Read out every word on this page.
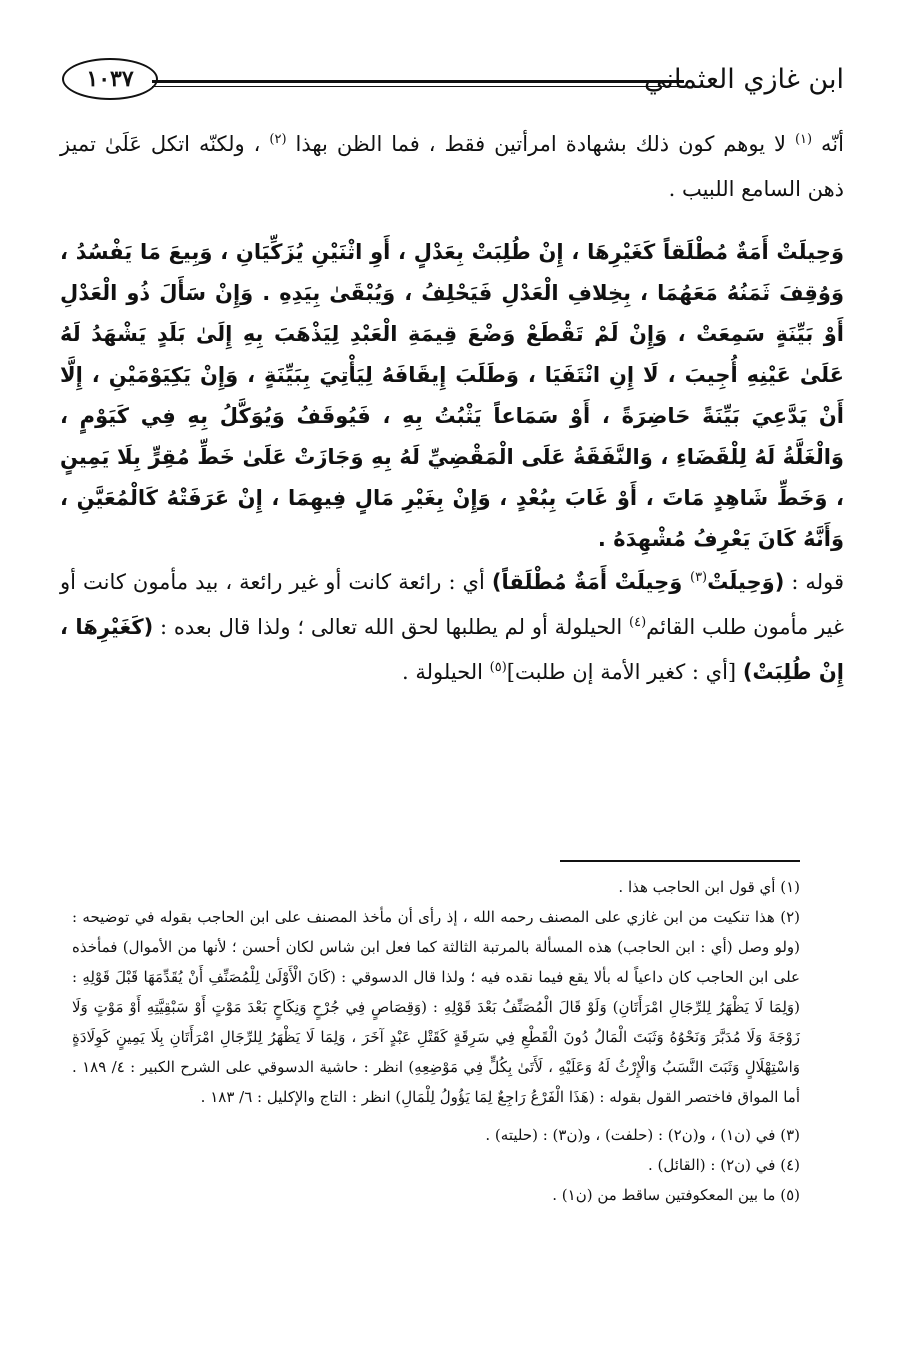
ابن غازي العثماني
١٠٣٧

أنّه $^{(١)}$ لا يوهم كون ذلك بشهادة امرأتين فقط ، فما الظن بهذا $^{(٢)}$ ، ولكنّه اتكل عَلَىٰ تميز ذهن السامع اللبيب .

وَحِيلَتْ أَمَةٌ مُطْلَقاً كَغَيْرِهَا ، إِنْ طُلِبَتْ بِعَدْلٍ ، أَوِ اثْنَيْنِ يُزَكِّيَانِ ، وَبِيعَ مَا يَفْسُدُ ، وَوُقِفَ ثَمَنُهُ مَعَهُمَا ، بِخِلافِ الْعَدْلِ فَيَحْلِفُ ، وَيُبْقَىٰ بِيَدِهِ . وَإِنْ سَأَلَ ذُو الْعَدْلِ أَوْ بَيِّنَةٍ سَمِعَتْ ، وَإِنْ لَمْ تَقْطَعْ وَضْعَ قِيمَةِ الْعَبْدِ لِيَذْهَبَ بِهِ إِلَىٰ بَلَدٍ يَشْهَدُ لَهُ عَلَىٰ عَيْنِهِ أُجِيبَ ، لَا إِنِ انْتَفَيَا ، وَطَلَبَ إِيقَافَهُ لِيَأْتِيَ بِبَيِّنَةٍ ، وَإِنْ يَكِيَوْمَيْنِ ، إِلَّا أَنْ يَدَّعِيَ بَيِّنَةً حَاضِرَةً ، أَوْ سَمَاعاً يَثْبُتُ بِهِ ، فَيُوقَفُ وَيُوَكَّلُ بِهِ فِي كَيَوْمٍ ، وَالْغَلَّةُ لَهُ لِلْقَضَاءِ ، وَالنَّفَقَةُ عَلَى الْمَقْضِيِّ لَهُ بِهِ وَجَازَتْ عَلَىٰ خَطِّ مُقِرٍّ بِلَا يَمِينٍ ، وَخَطِّ شَاهِدٍ مَاتَ ، أَوْ غَابَ بِبُعْدٍ ، وَإِنْ بِغَيْرِ مَالٍ فِيهِمَا ، إِنْ عَرَفَتْهُ كَالْمُعَيَّنِ ، وَأَنَّهُ كَانَ يَعْرِفُ مُشْهِدَهُ .

قوله : (وَحِيلَتْ$^{(٣)}$ وَحِيلَتْ أَمَةٌ مُطْلَقاً) أي : رائعة كانت أو غير رائعة ، بيد مأمون كانت أو غير مأمون طلب القائم$^{(٤)}$ الحيلولة أو لم يطلبها لحق الله تعالى ؛ ولذا قال بعده : (كَغَيْرِهَا ، إِنْ طُلِبَتْ) [أي : كغير الأمة إن طلبت]$^{(٥)}$ الحيلولة .

(١) أي قول ابن الحاجب هذا .

(٢) هذا تنكيت من ابن غازي على المصنف رحمه الله ، إذ رأى أن مأخذ المصنف على ابن الحاجب بقوله في توضيحه : (ولو وصل (أي : ابن الحاجب) هذه المسألة بالمرتبة الثالثة كما فعل ابن شاس لكان أحسن ؛ لأنها من الأموال) فمأخذه على ابن الحاجب كان داعياً له بألا يقع فيما نقده فيه ؛ ولذا قال الدسوقي : (كَانَ الْأَوْلَىٰ لِلْمُصَنِّفِ أَنْ يُقَدِّمَهَا قَبْلَ قَوْلِهِ : (وَلِمَا لَا يَظْهَرُ لِلرِّجَالِ امْرَأَتَانِ) وَلَوْ قَالَ الْمُصَنِّفُ بَعْدَ قَوْلِهِ : (وَقِصَاصٍ فِي جُرْحٍ وَنِكَاحٍ بَعْدَ مَوْتٍ أَوْ سَبْقِيَّتِهِ أَوْ مَوْتٍ وَلَا زَوْجَةَ وَلَا مُدَبَّرَ وَنَحْوُهُ وَثَبَتَ الْمَالُ دُونَ الْقَطْعِ فِي سَرِقَةٍ كَقَتْلِ عَبْدٍ آخَرَ ، وَلِمَا لَا يَظْهَرُ لِلرِّجَالِ امْرَأَتَانِ بِلَا يَمِينٍ كَوِلَادَةٍ وَاسْتِهْلَالٍ وَثَبَتَ النَّسَبُ وَالْإِرْثُ لَهُ وَعَلَيْهِ ، لَأَتَىٰ بِكُلٍّ فِي مَوْضِعِهِ) انظر : حاشية الدسوقي على الشرح الكبير : ٤/ ١٨٩ . أما المواق فاختصر القول بقوله : (هَذَا الْفَرْعُ رَاجِعٌ لِمَا يَؤُولُ لِلْمَالِ) انظر : التاج والإكليل : ٦/ ١٨٣ .

(٣) في (ن١) ، و(ن٢) : (حلفت) ، و(ن٣) : (حليته) .

(٤) في (ن٢) : (القائل) .

(٥) ما بين المعكوفتين ساقط من (ن١) .
